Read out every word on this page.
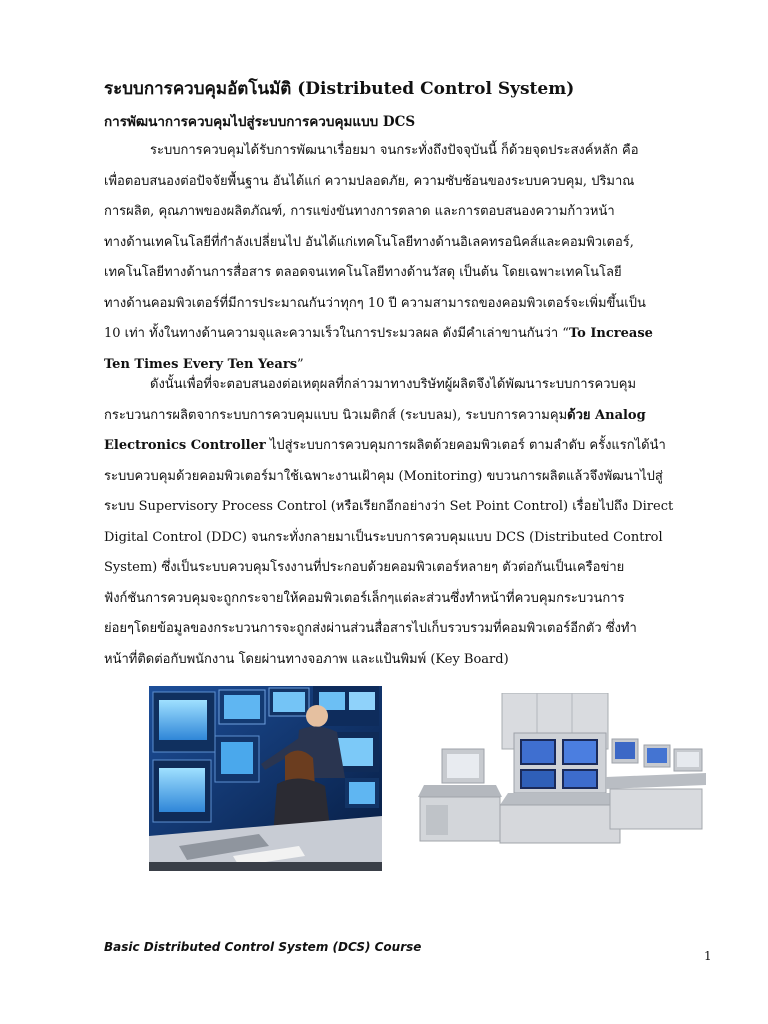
ระบบการควบคุมอัตโนมัติ (Distributed Control System)
การพัฒนาการควบคุมไปสู่ระบบการควบคุมแบบ DCS
ระบบการควบคุมได้รับการพัฒนาเรื่อยมา จนกระทั่งถึงปัจจุบันนี้ ก็ด้วยจุดประสงค์หลัก คือ
เพื่อตอบสนองต่อปัจจัยพื้นฐาน อันได้แก่ ความปลอดภัย, ความซับซ้อนของระบบควบคุม, ปริมาณ
การผลิต, คุณภาพของผลิตภัณฑ์, การแข่งขันทางการตลาด และการตอบสนองความก้าวหน้า
ทางด้านเทคโนโลยีที่กำลังเปลี่ยนไป อันได้แก่เทคโนโลยีทางด้านอิเลคทรอนิคส์และคอมพิวเตอร์,
เทคโนโลยีทางด้านการสื่อสาร ตลอดจนเทคโนโลยีทางด้านวัสดุ เป็นต้น โดยเฉพาะเทคโนโลยี
ทางด้านคอมพิวเตอร์ที่มีการประมาณกันว่าทุกๆ 10 ปี ความสามารถของคอมพิวเตอร์จะเพิ่มขึ้นเป็น
10 เท่า ทั้งในทางด้านความจุและความเร็วในการประมวลผล ดังมีคำเล่าขานกันว่า “To Increase
Ten Times Every Ten Years”
ดังนั้นเพื่อที่จะตอบสนองต่อเหตุผลที่กล่าวมาทางบริษัทผู้ผลิตจึงได้พัฒนาระบบการควบคุม
กระบวนการผลิตจากระบบการควบคุมแบบ นิวเมติกส์ (ระบบลม), ระบบการความคุมด้วย Analog
Electronics Controller ไปสู่ระบบการควบคุมการผลิตด้วยคอมพิวเตอร์ ตามลำดับ ครั้งแรกได้นำ
ระบบควบคุมด้วยคอมพิวเตอร์มาใช้เฉพาะงานเฝ้าคุม (Monitoring) ขบวนการผลิตแล้วจึงพัฒนาไปสู่
ระบบ Supervisory Process Control (หรือเรียกอีกอย่างว่า Set Point Control) เรื่อยไปถึง Direct
Digital Control (DDC) จนกระทั่งกลายมาเป็นระบบการควบคุมแบบ DCS (Distributed Control
System) ซึ่งเป็นระบบควบคุมโรงงานที่ประกอบด้วยคอมพิวเตอร์หลายๆ ตัวต่อกันเป็นเครือข่าย
ฟังก์ชันการควบคุมจะถูกกระจายให้คอมพิวเตอร์เล็กๆแต่ละส่วนซึ่งทำหน้าที่ควบคุมกระบวนการ
ย่อยๆโดยข้อมูลของกระบวนการจะถูกส่งผ่านส่วนสื่อสารไปเก็บรวบรวมที่คอมพิวเตอร์อีกตัว ซึ่งทำ
หน้าที่ติดต่อกับพนักงาน โดยผ่านทางจอภาพ และแป้นพิมพ์ (Key Board)
Basic Distributed Control System (DCS) Course
1
